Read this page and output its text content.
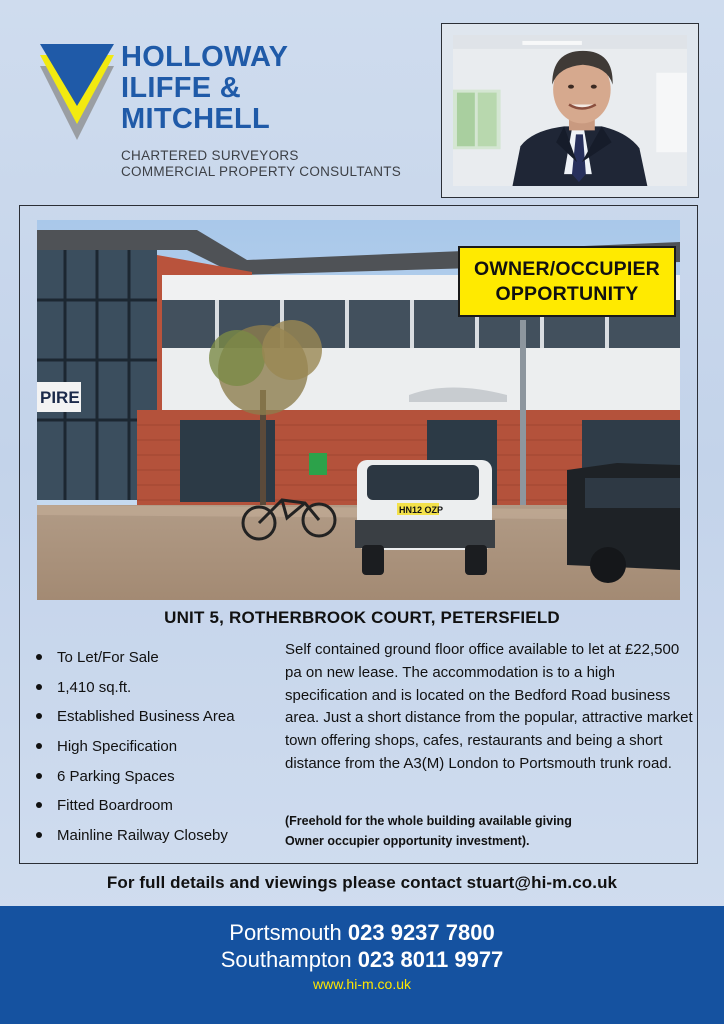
HOLLOWAY
ILIFFE &
MITCHELL
CHARTERED SURVEYORS
COMMERCIAL PROPERTY CONSULTANTS
PIRE
HN12 OZP
OWNER/OCCUPIER
OPPORTUNITY
UNIT 5, ROTHERBROOK COURT, PETERSFIELD
To Let/For Sale
1,410 sq.ft.
Established Business Area
High Specification
6 Parking Spaces
Fitted Boardroom
Mainline Railway Closeby
Self contained ground floor office available to let at £22,500 pa on new lease. The accommodation is to a high specification and is located on the Bedford Road business area. Just a short distance from the popular, attractive market town offering shops, cafes, restaurants and being a short distance from the A3(M) London to Portsmouth trunk road.
(Freehold for the whole building available giving
Owner occupier opportunity investment).
For full details and viewings please contact stuart@hi-m.co.uk
Portsmouth 023 9237 7800
Southampton 023 8011 9977
www.hi-m.co.uk
